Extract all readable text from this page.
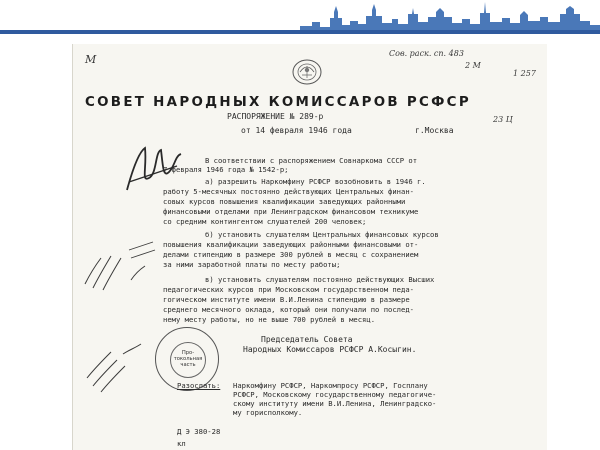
M	Сов. раск. сп. 483

2 М

1 257

23 Ц

СОВЕТ НАРОДНЫХ КОМИССАРОВ РСФСР

РАСПОРЯЖЕНИЕ № 289-р

от 14 февраля 1946 года	г.Москва

В соответствии с распоряжением Совнаркома СССР от

7 февраля 1946 года № 1542-р;

а) разрешить Наркомфину РСФСР возобновить в 1946 г.

работу 5-месячных постоянно действующих Центральных финан-

совых курсов повышения квалификации заведующих районными

финансовыми отделами при Ленинградском финансовом техникуме

со средним контингентом слушателей 200 человек;

б) установить слушателям Центральных финансовых курсов

повышения квалификации заведующих районными финансовыми от-

делами стипендию в размере 300 рублей в месяц с сохранением

за ними заработной платы по месту работы;

в) установить слушателям постоянно действующих Высших

педагогических курсов при Московском государственном педа-

гогическом институте имени В.И.Ленина стипендию в размере

среднего месячного оклада, который они получали по послед-

нему месту работы, но не выше 700 рублей в месяц.

Председатель Совета

Народных Комиссаров РСФСР А.Косыгин.

Про-
токольная
часть

Разослать: Наркомфину РСФСР, Наркомпросу РСФСР, Госплану

РСФСР, Московскому государственному педагогиче-

скому институту имени В.И.Ленина, Ленинградско-

му горисполкому.

Д Э 380-28

кл
